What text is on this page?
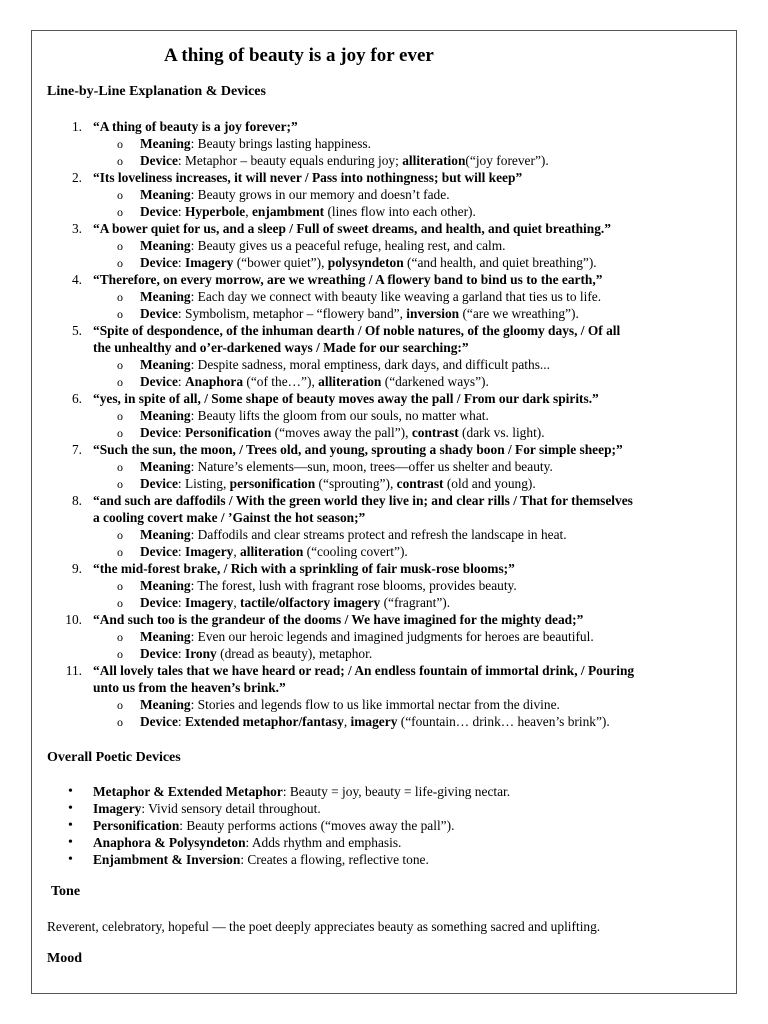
A thing of beauty is a joy for ever
Line-by-Line Explanation & Devices
1. “A thing of beauty is a joy forever;”
o Meaning: Beauty brings lasting happiness.
o Device: Metaphor – beauty equals enduring joy; alliteration(“joy forever”).
2. “Its loveliness increases, it will never / Pass into nothingness; but will keep”
o Meaning: Beauty grows in our memory and doesn’t fade.
o Device: Hyperbole, enjambment (lines flow into each other).
3. “A bower quiet for us, and a sleep / Full of sweet dreams, and health, and quiet breathing.”
o Meaning: Beauty gives us a peaceful refuge, healing rest, and calm.
o Device: Imagery (“bower quiet”), polysyndeton (“and health, and quiet breathing”).
4. “Therefore, on every morrow, are we wreathing / A flowery band to bind us to the earth,”
o Meaning: Each day we connect with beauty like weaving a garland that ties us to life.
o Device: Symbolism, metaphor – “flowery band”, inversion (“are we wreathing”).
5. “Spite of despondence, of the inhuman dearth / Of noble natures, of the gloomy days, / Of all
the unhealthy and o’er-darkened ways / Made for our searching:”
o Meaning: Despite sadness, moral emptiness, dark days, and difficult paths...
o Device: Anaphora (“of the…”), alliteration (“darkened ways”).
6. “yes, in spite of all, / Some shape of beauty moves away the pall / From our dark spirits.”
o Meaning: Beauty lifts the gloom from our souls, no matter what.
o Device: Personification (“moves away the pall”), contrast (dark vs. light).
7. “Such the sun, the moon, / Trees old, and young, sprouting a shady boon / For simple sheep;”
o Meaning: Nature’s elements—sun, moon, trees—offer us shelter and beauty.
o Device: Listing, personification (“sprouting”), contrast (old and young).
8. “and such are daffodils / With the green world they live in; and clear rills / That for themselves
a cooling covert make / ’Gainst the hot season;”
o Meaning: Daffodils and clear streams protect and refresh the landscape in heat.
o Device: Imagery, alliteration (“cooling covert”).
9. “the mid-forest brake, / Rich with a sprinkling of fair musk-rose blooms;”
o Meaning: The forest, lush with fragrant rose blooms, provides beauty.
o Device: Imagery, tactile/olfactory imagery (“fragrant”).
10. “And such too is the grandeur of the dooms / We have imagined for the mighty dead;”
o Meaning: Even our heroic legends and imagined judgments for heroes are beautiful.
o Device: Irony (dread as beauty), metaphor.
11. “All lovely tales that we have heard or read; / An endless fountain of immortal drink, / Pouring
unto us from the heaven’s brink.”
o Meaning: Stories and legends flow to us like immortal nectar from the divine.
o Device: Extended metaphor/fantasy, imagery (“fountain… drink… heaven’s brink”).
Overall Poetic Devices
• Metaphor & Extended Metaphor: Beauty = joy, beauty = life-giving nectar.
• Imagery: Vivid sensory detail throughout.
• Personification: Beauty performs actions (“moves away the pall”).
• Anaphora & Polysyndeton: Adds rhythm and emphasis.
• Enjambment & Inversion: Creates a flowing, reflective tone.
Tone
Reverent, celebratory, hopeful — the poet deeply appreciates beauty as something sacred and uplifting.
Mood
